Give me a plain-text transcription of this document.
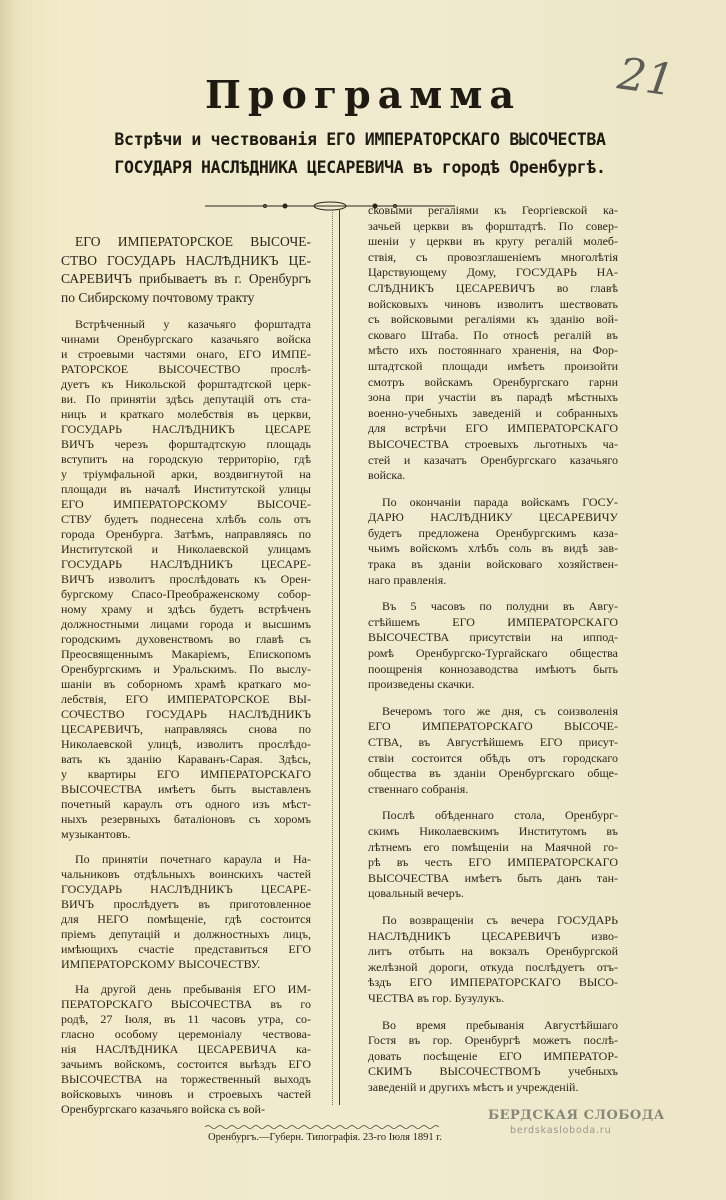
21
Программа
Встрѣчи и чествованія ЕГО ИМПЕРАТОРСКАГО ВЫСОЧЕСТВА
ГОСУДАРЯ НАСЛѢДНИКА ЦЕСАРЕВИЧА въ городѣ Оренбургѣ.
ЕГО ИМПЕРАТОРСКОЕ ВЫСОЧЕ-
СТВО ГОСУДАРЬ НАСЛѢДНИКЪ ЦЕ-
САРЕВИЧЪ прибываетъ въ г. Оренбургъ
по Сибирскому почтовому тракту
Встрѣченный у казачьяго форштадта
чинами Оренбургскаго казачьяго войска
и строевыми частями онаго, ЕГО ИМПЕ-
РАТОРСКОЕ ВЫСОЧЕСТВО прослѣ-
дуетъ къ Никольской форштадтской церк-
ви. По принятіи здѣсь депутацій отъ ста-
ницъ и краткаго молебствія въ церкви,
ГОСУДАРЬ НАСЛѢДНИКЪ ЦЕСАРЕ
ВИЧЪ черезъ форштадтскую площадь
вступитъ на городскую территорію, гдѣ
у тріумфальной арки, воздвигнутой на
площади въ началѣ Институтской улицы
ЕГО ИМПЕРАТОРСКОМУ ВЫСОЧЕ-
СТВУ будетъ поднесена хлѣбъ соль отъ
города Оренбурга. Затѣмъ, направляясь по
Институтской и Николаевской улицамъ
ГОСУДАРЬ НАСЛѢДНИКЪ ЦЕСАРЕ-
ВИЧЪ изволитъ прослѣдовать къ Орен-
бургскому Спасо-Преображенскому собор-
ному храму и здѣсь будетъ встрѣченъ
должностными лицами города и высшимъ
городскимъ духовенствомъ во главѣ съ
Преосвященнымъ Макаріемъ, Епископомъ
Оренбургскимъ и Уральскимъ. По выслу-
шаніи въ соборномъ храмѣ краткаго мо-
лебствія, ЕГО ИМПЕРАТОРСКОЕ ВЫ-
СОЧЕСТВО ГОСУДАРЬ НАСЛѢДНИКЪ
ЦЕСАРЕВИЧЪ, направляясь снова по
Николаевской улицѣ, изволитъ прослѣдо-
вать къ зданію Караванъ-Сарая. Здѣсь,
у квартиры ЕГО ИМПЕРАТОРСКАГО
ВЫСОЧЕСТВА имѣетъ быть выставленъ
почетный караулъ отъ одного изъ мѣст-
ныхъ резервныхъ баталіоновъ съ хоромъ
музыкантовъ.
По принятіи почетнаго караула и На-
чальниковъ отдѣльныхъ воинскихъ частей
ГОСУДАРЬ НАСЛѢДНИКЪ ЦЕСАРЕ-
ВИЧЪ прослѣдуетъ въ приготовленное
для НЕГО помѣщеніе, гдѣ состоится
пріемъ депутацій и должностныхъ лицъ,
имѣющихъ счастіе представиться ЕГО
ИМПЕРАТОРСКОМУ ВЫСОЧЕСТВУ.
На другой день пребыванія ЕГО ИМ-
ПЕРАТОРСКАГО ВЫСОЧЕСТВА въ го
родѣ, 27 Іюля, въ 11 часовъ утра, со-
гласно особому церемоніалу чествова-
нія НАСЛѢДНИКА ЦЕСАРЕВИЧА ка-
зачьимъ войскомъ, состоится выѣздъ ЕГО
ВЫСОЧЕСТВА на торжественный выходъ
войсковыхъ чиновъ и строевыхъ частей
Оренбургскаго казачьяго войска съ вой-
сковыми регаліями къ Георгіевской ка-
зачьей церкви въ форштадтѣ. По совер-
шеніи у церкви въ кругу регалій молеб-
ствія, съ провозглашеніемъ многолѣтія
Царствующему Дому, ГОСУДАРЬ НА-
СЛѢДНИКЪ ЦЕСАРЕВИЧЪ во главѣ
войсковыхъ чиновъ изволитъ шествовать
съ войсковыми регаліями къ зданію вой-
сковаго Штаба. По относѣ регалій въ
мѣсто ихъ постояннаго храненія, на Фор-
штадтской площади имѣетъ произойти
смотръ войскамъ Оренбургскаго гарни
зона при участіи въ парадѣ мѣстныхъ
военно-учебныхъ заведеній и собранныхъ
для встрѣчи ЕГО ИМПЕРАТОРСКАГО
ВЫСОЧЕСТВА строевыхъ льготныхъ ча-
стей и казачатъ Оренбургскаго казачьяго
войска.
По окончаніи парада войскамъ ГОСУ-
ДАРЮ НАСЛѢДНИКУ ЦЕСАРЕВИЧУ
будетъ предложена Оренбургскимъ каза-
чьимъ войскомъ хлѣбъ соль въ видѣ зав-
трака въ зданіи войсковаго хозяйствен-
наго правленія.
Въ 5 часовъ по полудни въ Авгу-
стѣйшемъ ЕГО ИМПЕРАТОРСКАГО
ВЫСОЧЕСТВА присутствіи на иппод-
ромѣ Оренбургско-Тургайскаго общества
поощренія коннозаводства имѣютъ быть
произведены скачки.
Вечеромъ того же дня, съ соизволенія
ЕГО ИМПЕРАТОРСКАГО ВЫСОЧЕ-
СТВА, въ Августѣйшемъ ЕГО присут-
ствіи состоится обѣдъ отъ городскаго
общества въ зданіи Оренбургскаго обще-
ственнаго собранія.
Послѣ обѣденнаго стола, Оренбург-
скимъ Николаевскимъ Институтомъ въ
лѣтнемъ его помѣщеніи на Маячной го-
рѣ въ честь ЕГО ИМПЕРАТОРСКАГО
ВЫСОЧЕСТВА имѣетъ быть данъ тан-
цовальный вечеръ.
По возвращеніи съ вечера ГОСУДАРЬ
НАСЛѢДНИКЪ ЦЕСАРЕВИЧЪ изво-
литъ отбыть на вокзалъ Оренбургской
желѣзной дороги, откуда послѣдуетъ отъ-
ѣздъ ЕГО ИМПЕРАТОРСКАГО ВЫСО-
ЧЕСТВА въ гор. Бузулукъ.
Во время пребыванія Августѣйшаго
Гостя въ гор. Оренбургѣ можетъ послѣ-
довать посѣщеніе ЕГО ИМПЕРАТОР-
СКИМЪ ВЫСОЧЕСТВОМЪ учебныхъ
заведеній и другихъ мѣстъ и учрежденій.
Оренбургъ.—Губерн. Типографія. 23-го Іюля 1891 г.
БЕРДСКАЯ СЛОБОДА
berdskasloboda.ru
